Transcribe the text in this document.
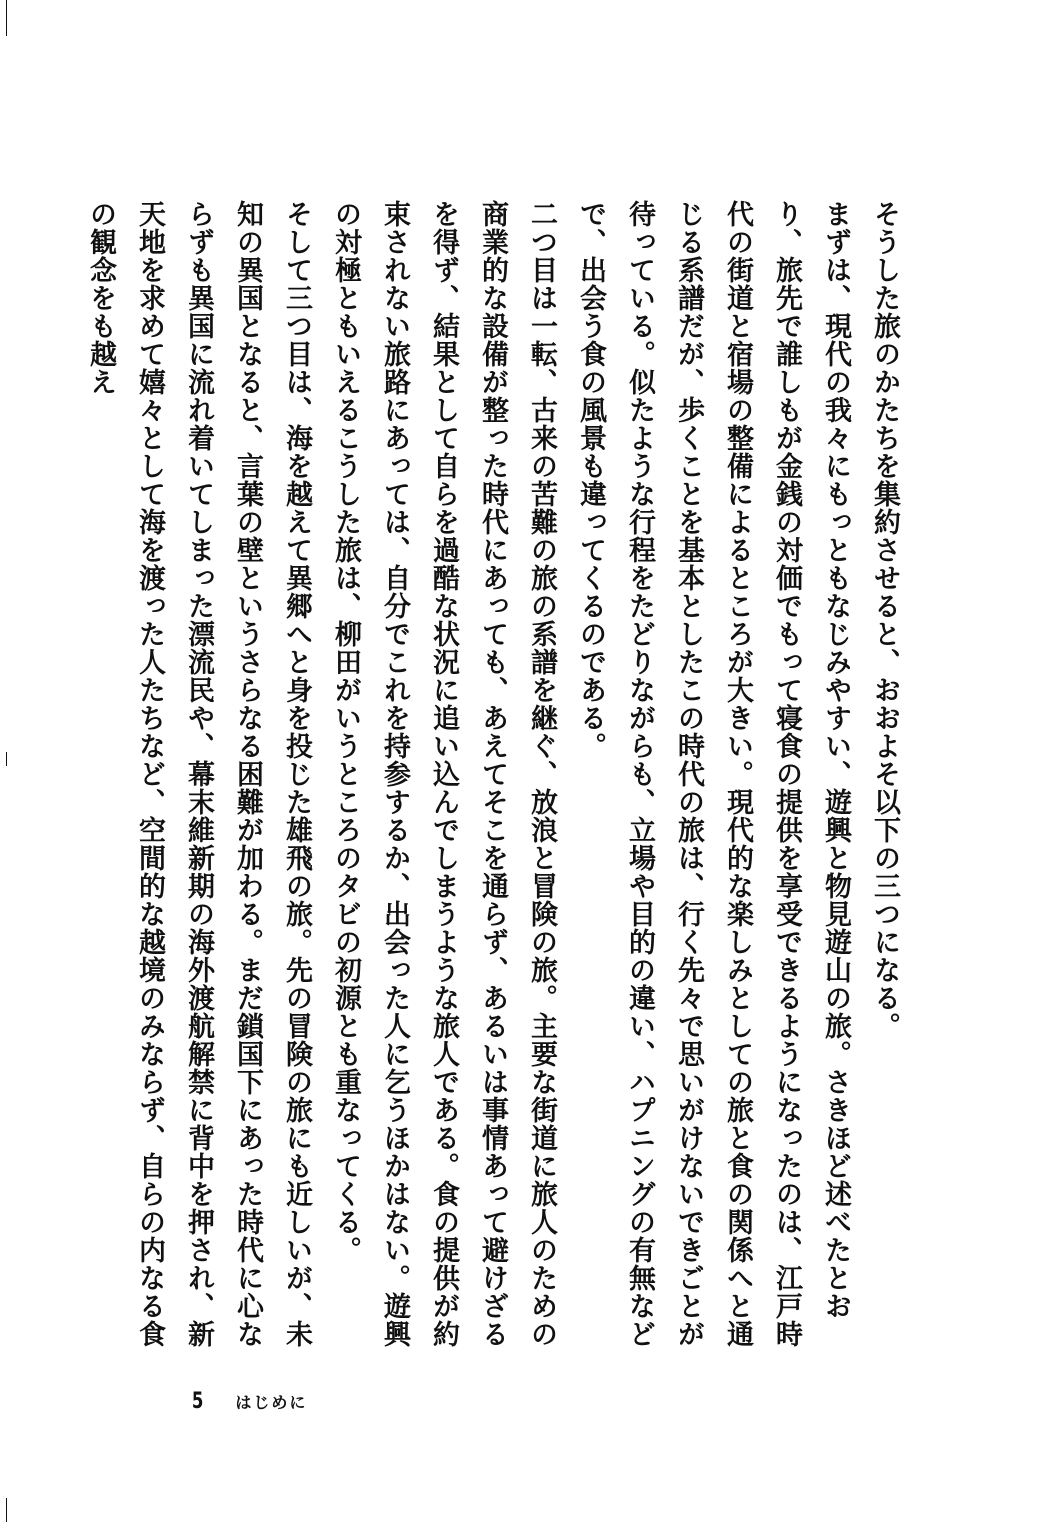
そうした旅のかたちを集約させると、おおよそ以下の三つになる。

まずは、現代の我々にもっともなじみやすい、遊興と物見遊山の旅。さきほど述べたとおり、旅先で誰しもが金銭の対価でもって寝食の提供を享受できるようになったのは、江戸時代の街道と宿場の整備によるところが大きい。現代的な楽しみとしての旅と食の関係へと通じる系譜だが、歩くことを基本としたこの時代の旅は、行く先々で思いがけないできごとが待っている。似たような行程をたどりながらも、立場や目的の違い、ハプニングの有無などで、出会う食の風景も違ってくるのである。

二つ目は一転、古来の苦難の旅の系譜を継ぐ、放浪と冒険の旅。主要な街道に旅人のための商業的な設備が整った時代にあっても、あえてそこを通らず、あるいは事情あって避けざるを得ず、結果として自らを過酷な状況に追い込んでしまうような旅人である。食の提供が約束されない旅路にあっては、自分でこれを持参するか、出会った人に乞うほかはない。遊興の対極ともいえるこうした旅は、柳田がいうところのタビの初源とも重なってくる。

そして三つ目は、海を越えて異郷へと身を投じた雄飛の旅。先の冒険の旅にも近しいが、未知の異国となると、言葉の壁というさらなる困難が加わる。まだ鎖国下にあった時代に心ならずも異国に流れ着いてしまった漂流民や、幕末維新期の海外渡航解禁に背中を押され、新天地を求めて嬉々として海を渡った人たちなど、空間的な越境のみならず、自らの内なる食の観念をも越え

5 はじめに
